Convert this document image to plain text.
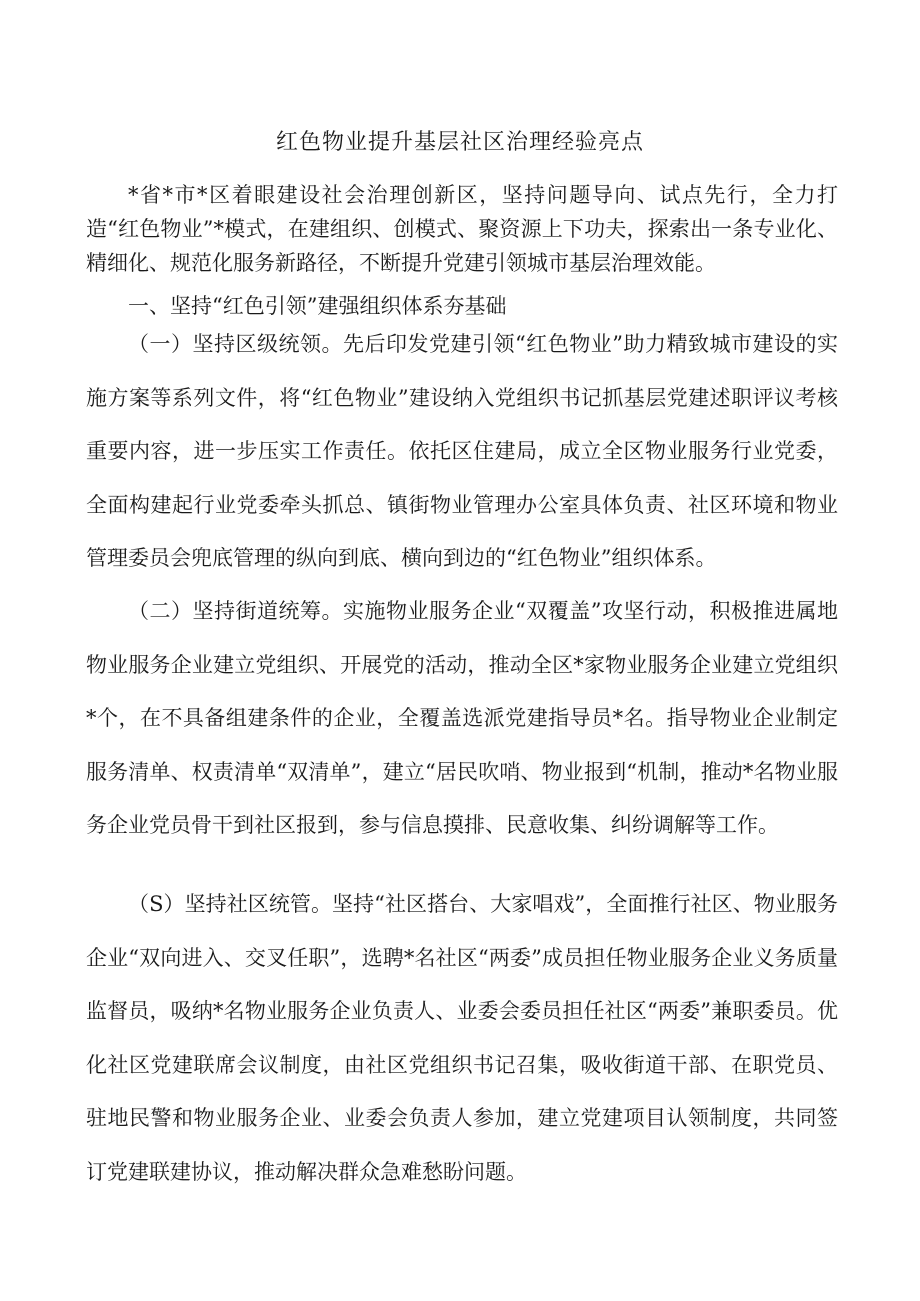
红色物业提升基层社区治理经验亮点

*省*市*区着眼建设社会治理创新区，坚持问题导向、试点先行，全力打造“红色物业”*模式，在建组织、创模式、聚资源上下功夫，探索出一条专业化、精细化、规范化服务新路径，不断提升党建引领城市基层治理效能。

一、坚持“红色引领”建强组织体系夯基础

（一）坚持区级统领。先后印发党建引领“红色物业”助力精致城市建设的实施方案等系列文件，将“红色物业”建设纳入党组织书记抓基层党建述职评议考核重要内容，进一步压实工作责任。依托区住建局，成立全区物业服务行业党委，全面构建起行业党委牵头抓总、镇街物业管理办公室具体负责、社区环境和物业管理委员会兜底管理的纵向到底、横向到边的“红色物业”组织体系。

（二）坚持街道统筹。实施物业服务企业“双覆盖”攻坚行动，积极推进属地物业服务企业建立党组织、开展党的活动，推动全区*家物业服务企业建立党组织*个，在不具备组建条件的企业，全覆盖选派党建指导员*名。指导物业企业制定服务清单、权责清单“双清单”，建立“居民吹哨、物业报到“机制，推动*名物业服务企业党员骨干到社区报到，参与信息摸排、民意收集、纠纷调解等工作。

（S）坚持社区统管。坚持“社区搭台、大家唱戏”，全面推行社区、物业服务企业“双向进入、交叉任职”，选聘*名社区“两委”成员担任物业服务企业义务质量监督员，吸纳*名物业服务企业负责人、业委会委员担任社区“两委”兼职委员。优化社区党建联席会议制度，由社区党组织书记召集，吸收街道干部、在职党员、驻地民警和物业服务企业、业委会负责人参加，建立党建项目认领制度，共同签订党建联建协议，推动解决群众急难愁盼问题。
